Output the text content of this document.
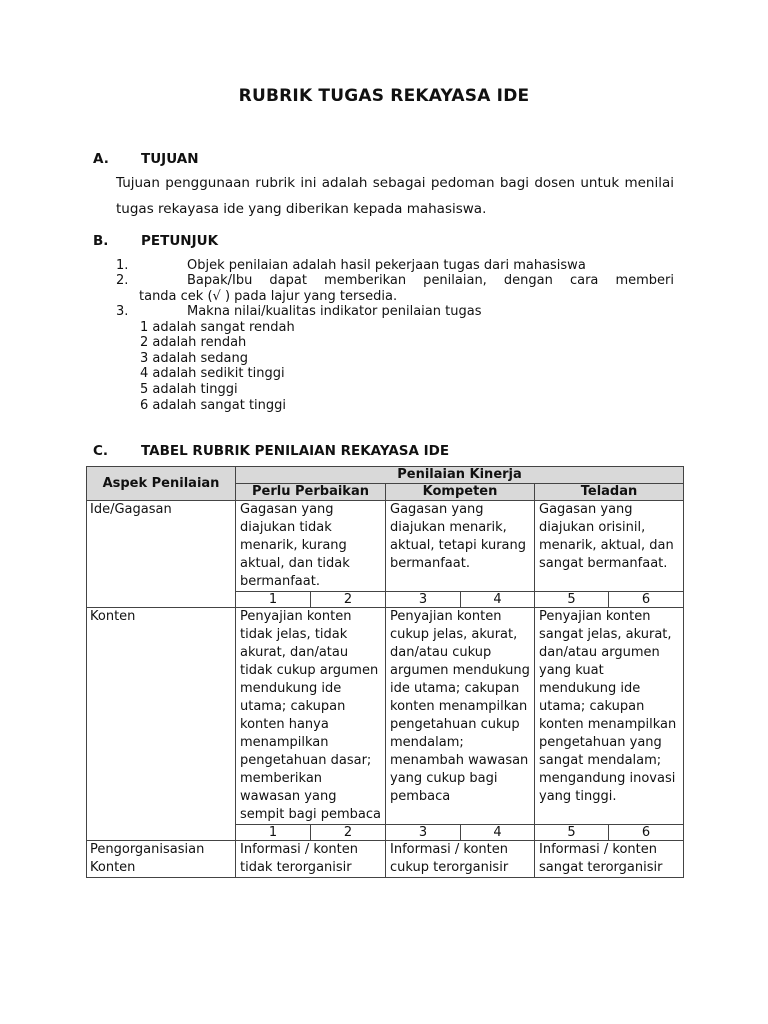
RUBRIK TUGAS REKAYASA IDE
A. TUJUAN
Tujuan penggunaan rubrik ini adalah sebagai pedoman bagi dosen untuk menilai tugas rekayasa ide yang diberikan kepada mahasiswa.
B. PETUNJUK
1.	Objek penilaian adalah hasil pekerjaan tugas dari mahasiswa
2.	Bapak/Ibu dapat memberikan penilaian, dengan cara memberi
tanda cek (√ ) pada lajur yang tersedia.
3.	Makna nilai/kualitas indikator penilaian tugas
1 adalah sangat rendah
2 adalah rendah
3 adalah sedang
4 adalah sedikit tinggi
5 adalah tinggi
6 adalah sangat tinggi
C. TABEL RUBRIK PENILAIAN REKAYASA IDE
Aspek Penilaian	Penilaian Kinerja					
	Perlu Perbaikan		Kompeten		Teladan	
Ide/Gagasan	Gagasan yang diajukan tidak menarik, kurang aktual, dan tidak bermanfaat.		Gagasan yang diajukan menarik, aktual, tetapi kurang bermanfaat.		Gagasan yang diajukan orisinil, menarik, aktual, dan sangat bermanfaat.	
	1	2	3	4	5	6
Konten	Penyajian konten tidak jelas, tidak akurat, dan/atau tidak cukup argumen mendukung ide utama; cakupan konten hanya menampilkan pengetahuan dasar; memberikan wawasan yang sempit bagi pembaca		Penyajian konten cukup jelas, akurat, dan/atau cukup argumen mendukung ide utama; cakupan konten menampilkan pengetahuan cukup mendalam; menambah wawasan yang cukup bagi pembaca		Penyajian konten sangat jelas, akurat, dan/atau argumen yang kuat mendukung ide utama; cakupan konten menampilkan pengetahuan yang sangat mendalam; mengandung inovasi yang tinggi.	
	1	2	3	4	5	6
Pengorganisasian Konten	Informasi / konten tidak terorganisir		Informasi / konten cukup terorganisir		Informasi / konten sangat terorganisir	
